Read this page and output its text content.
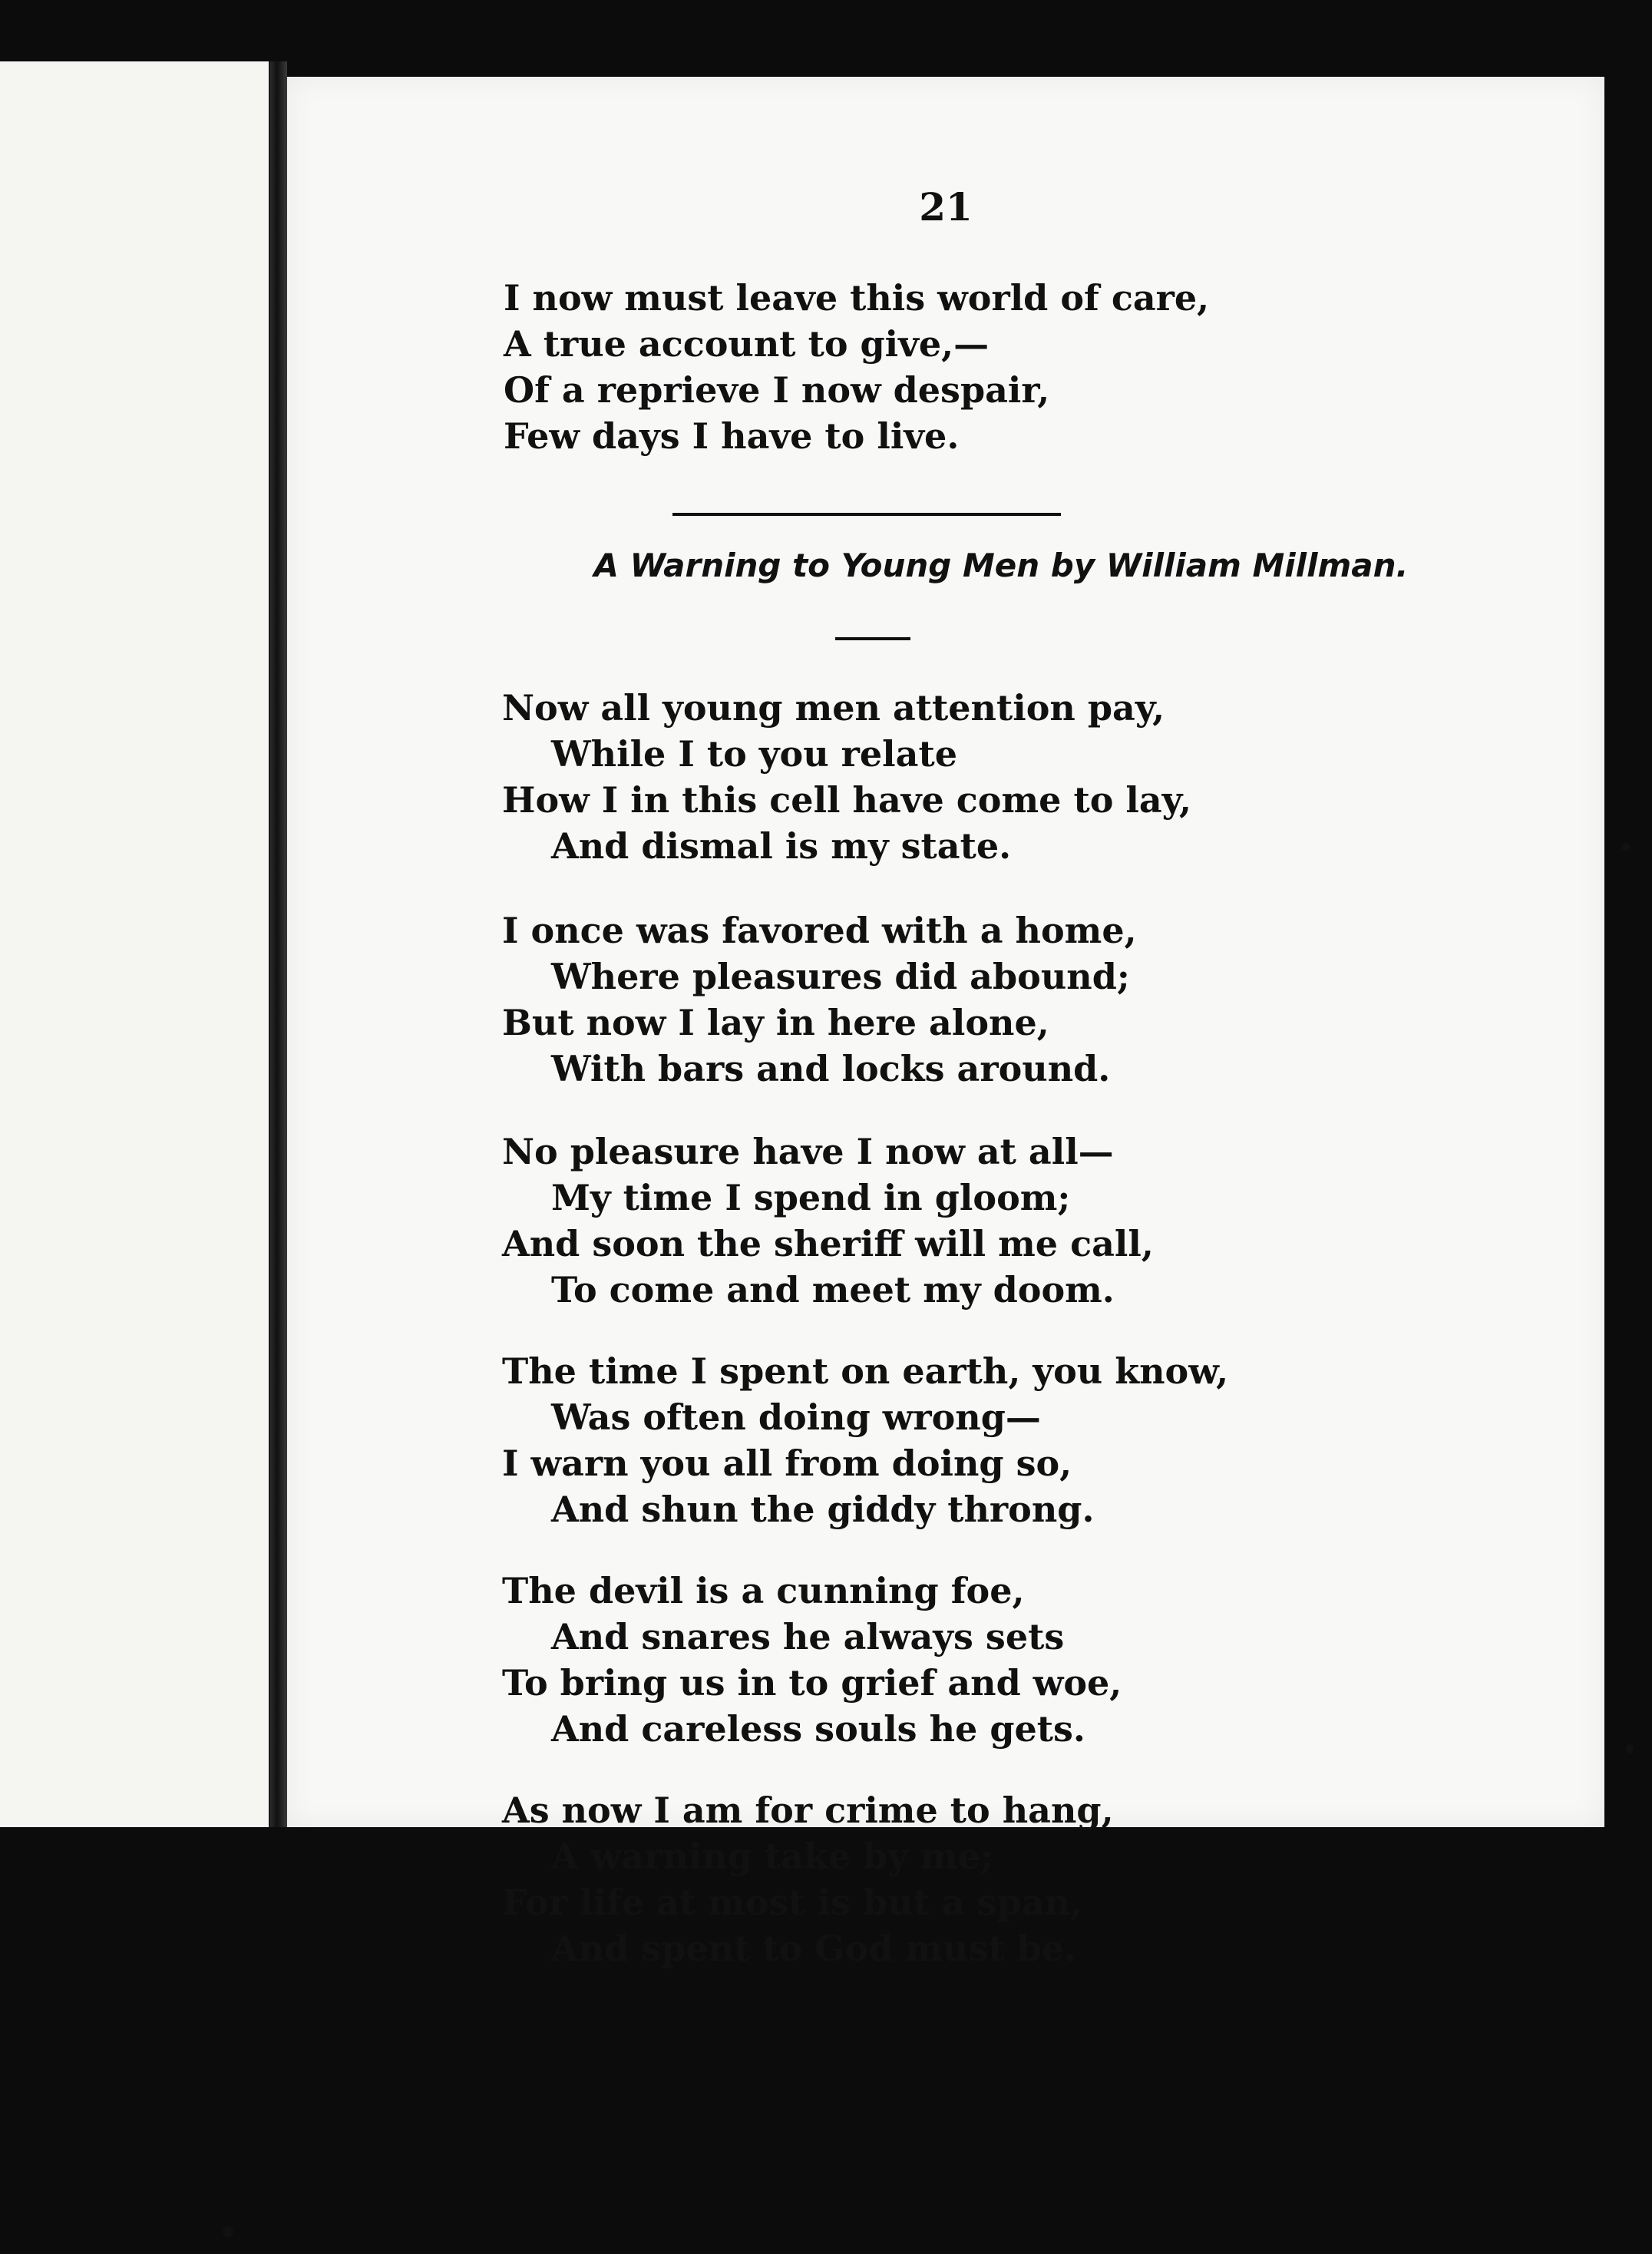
21
I now must leave this world of care,
A true account to give,—
Of a reprieve I now despair,
Few days I have to live.
A Warning to Young Men by William Millman.
Now all young men attention pay,
While I to you relate
How I in this cell have come to lay,
And dismal is my state.
I once was favored with a home,
Where pleasures did abound;
But now I lay in here alone,
With bars and locks around.
No pleasure have I now at all—
My time I spend in gloom;
And soon the sheriff will me call,
To come and meet my doom.
The time I spent on earth, you know,
Was often doing wrong—
I warn you all from doing so,
And shun the giddy throng.
The devil is a cunning foe,
And snares he always sets
To bring us in to grief and woe,
And careless souls he gets.
As now I am for crime to hang,
A warning take by me;
For life at most is but a span,
And spent to God must be.
